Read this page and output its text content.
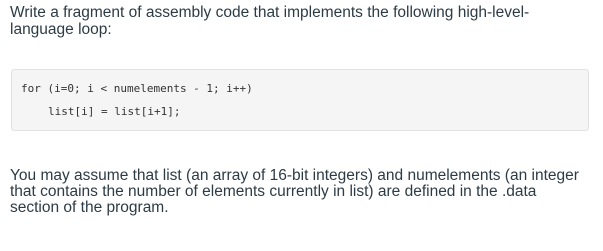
Write a fragment of assembly code that implements the following high-level-
language loop:

for (i=0; i < numelements - 1; i++)
list[i] = list[i+1];

You may assume that list (an array of 16-bit integers) and numelements (an integer
that contains the number of elements currently in list) are defined in the .data
section of the program.
